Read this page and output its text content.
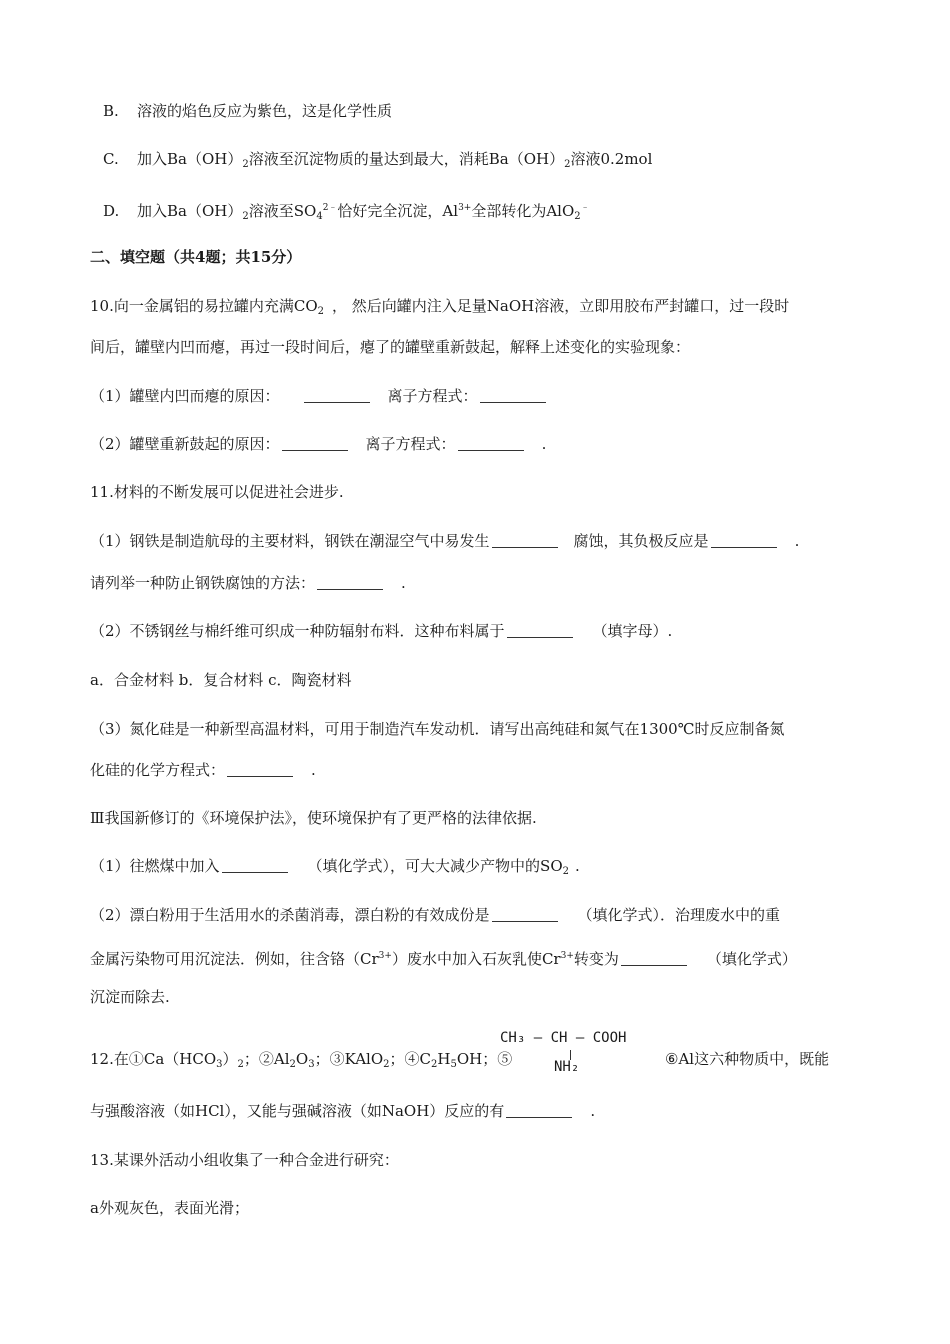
B. 溶液的焰色反应为紫色，这是化学性质
C. 加入$Ba(OH)_2$溶液至沉淀物质的量达到最大，消耗$Ba(OH)_2$溶液0.2mol
D. 加入$Ba(OH)_2$溶液至$SO_4^{2﹣}$恰好完全沉淀，$Al^{3+}$全部转化为AlO$_2$﹣
二、填空题（共4题；共15分）
10.向一金属铝的易拉罐内充满$CO_2$ ， 然后向罐内注入足量NaOH溶液，立即用胶布严封罐口，过一段时
间后，罐壁内凹而瘪，再过一段时间后，瘪了的罐壁重新鼓起，解释上述变化的实验现象：
（1）罐壁内凹而瘪的原因：	离子方程式：
（2）罐壁重新鼓起的原因：	离子方程式：	.
11.材料的不断发展可以促进社会进步.
（1）钢铁是制造航母的主要材料，钢铁在潮湿空气中易发生	腐蚀，其负极反应是	.
请列举一种防止钢铁腐蚀的方法：	.
（2）不锈钢丝与棉纤维可织成一种防辐射布料．这种布料属于	（填字母）.
a．合金材料 b．复合材料 c．陶瓷材料
（3）氮化硅是一种新型高温材料，可用于制造汽车发动机．请写出高纯硅和氮气在1300℃时反应制备氮
化硅的化学方程式：	.
Ⅲ我国新修订的《环境保护法》，使环境保护有了更严格的法律依据.
（1）往燃煤中加入	（填化学式），可大大减少产物中的$SO_2$ .
（2）漂白粉用于生活用水的杀菌消毒，漂白粉的有效成份是	（填化学式）．治理废水中的重
金属污染物可用沉淀法．例如，往含铬$(Cr^{3+})$废水中加入石灰乳使$Cr^{3+}$转变为	（填化学式）
沉淀而除去.
12.在$①Ca(HCO_3)_2$；$②Al_2O_3$；③KAlO$_2$；$④C_2H_5OH$；⑤
CH₃ — CH — COOH
NH₂	⑥Al这六种物质中，既能
与强酸溶液（如HCl），又能与强碱溶液（如NaOH）反应的有	.
13.某课外活动小组收集了一种合金进行研究：
a外观灰色，表面光滑；
